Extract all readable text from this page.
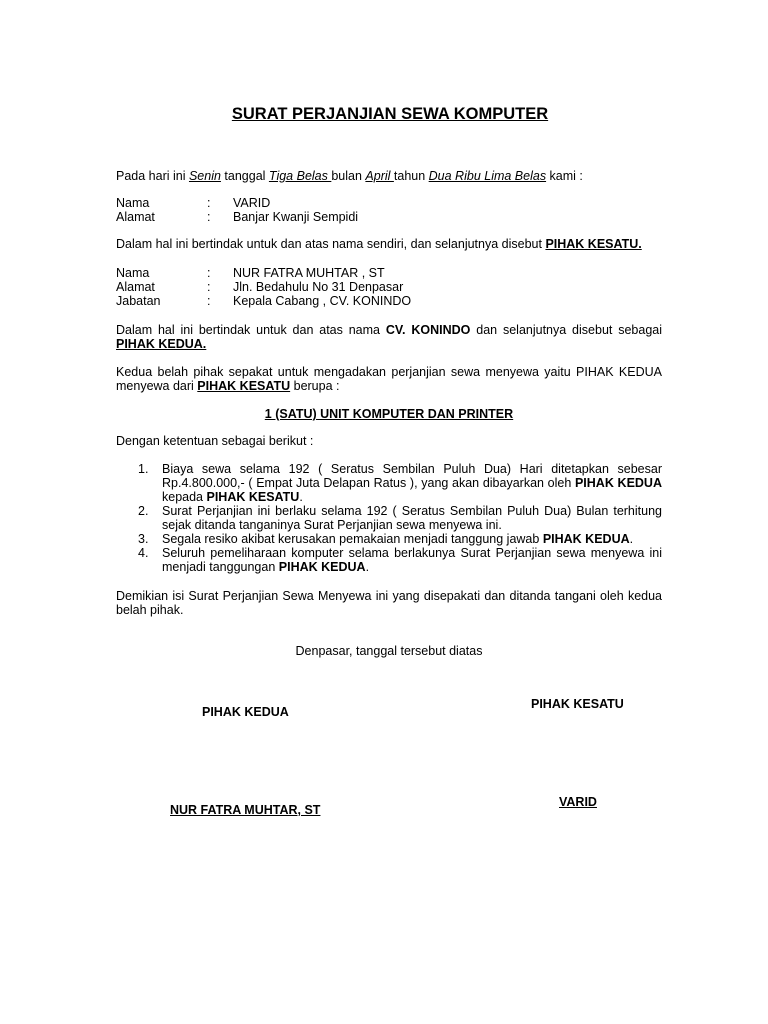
SURAT PERJANJIAN SEWA KOMPUTER
Pada hari ini Senin tanggal Tiga Belas bulan April tahun Dua Ribu Lima Belas kami :
Nama	: VARID
Alamat	: Banjar Kwanji Sempidi
Dalam hal ini bertindak untuk dan atas nama sendiri, dan selanjutnya disebut PIHAK KESATU.
Nama	: NUR FATRA MUHTAR , ST
Alamat	: Jln. Bedahulu No 31 Denpasar
Jabatan	: Kepala Cabang , CV. KONINDO
Dalam hal ini bertindak untuk dan atas nama CV. KONINDO dan selanjutnya disebut sebagai PIHAK KEDUA.
Kedua belah pihak sepakat untuk mengadakan perjanjian sewa menyewa yaitu PIHAK KEDUA menyewa dari PIHAK KESATU berupa :
1 (SATU) UNIT KOMPUTER DAN PRINTER
Dengan ketentuan sebagai berikut :
1. Biaya sewa selama 192 ( Seratus Sembilan Puluh Dua) Hari ditetapkan sebesar Rp.4.800.000,- ( Empat Juta Delapan Ratus ), yang akan dibayarkan oleh PIHAK KEDUA kepada PIHAK KESATU.
2. Surat Perjanjian ini berlaku selama 192 ( Seratus Sembilan Puluh Dua) Bulan terhitung sejak ditanda tanganinya Surat Perjanjian sewa menyewa ini.
3. Segala resiko akibat kerusakan pemakaian menjadi tanggung jawab PIHAK KEDUA.
4. Seluruh pemeliharaan komputer selama berlakunya Surat Perjanjian sewa menyewa ini menjadi tanggungan PIHAK KEDUA.
Demikian isi Surat Perjanjian Sewa Menyewa ini yang disepakati dan ditanda tangani oleh kedua belah pihak.
Denpasar, tanggal tersebut diatas
PIHAK KEDUA
PIHAK KESATU
NUR FATRA MUHTAR, ST
VARID
